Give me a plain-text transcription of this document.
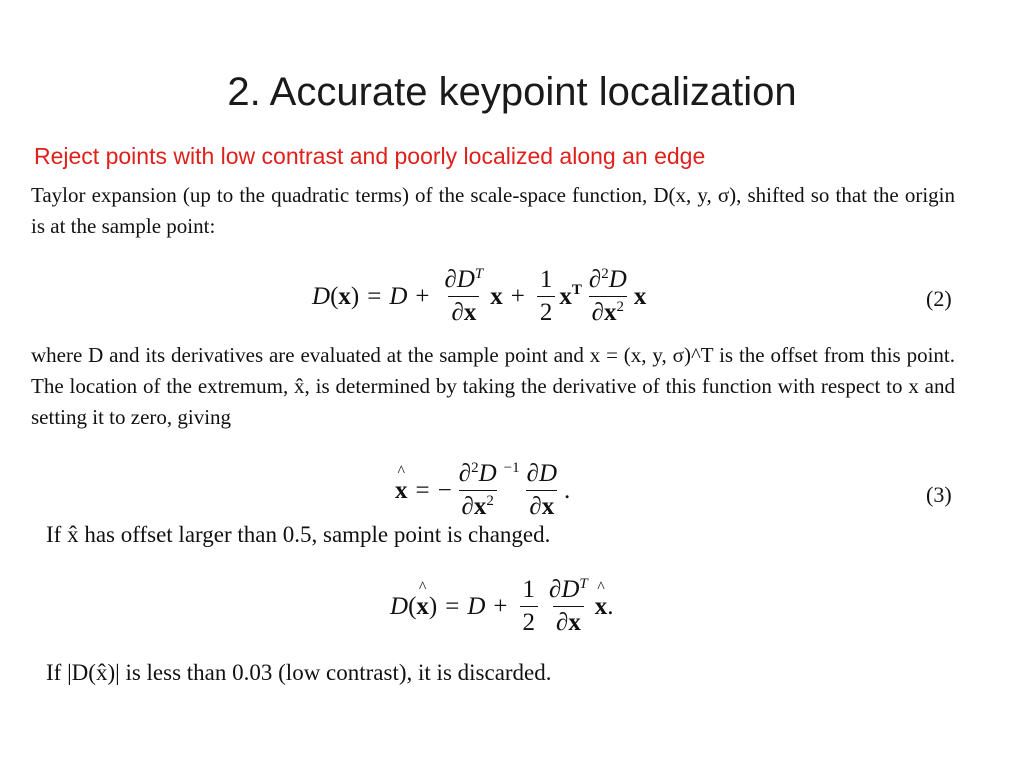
2. Accurate keypoint localization
Reject points with low contrast and poorly localized along an edge
Taylor expansion (up to the quadratic terms) of the scale-space function, D(x, y, σ), shifted so that the origin is at the sample point:
D ( x ) = $D + \frac{\partial D^T}{\partial x}$ $x + \frac{1}{2} x^T \frac{\partial^2D}{\partial x^2}$ x	(2)
where D and its derivatives are evaluated at the sample point and x = (x, y, σ)^T is the offset from this point. The location of the extremum, x̂, is determined by taking the derivative of this function with respect to x and setting it to zero, giving
x ^ = − $\frac{\partial^2D}{\partial x^2} ^{-1} \frac{\partial D}{\partial x}$ .	(3)
If x̂ has offset larger than 0.5, sample point is changed.
D ( x ^ ) = $D + \frac{1}{2} \frac{\partial D^T}{\partial x}$ x ^ .
If |D(x̂)| is less than 0.03 (low contrast), it is discarded.
